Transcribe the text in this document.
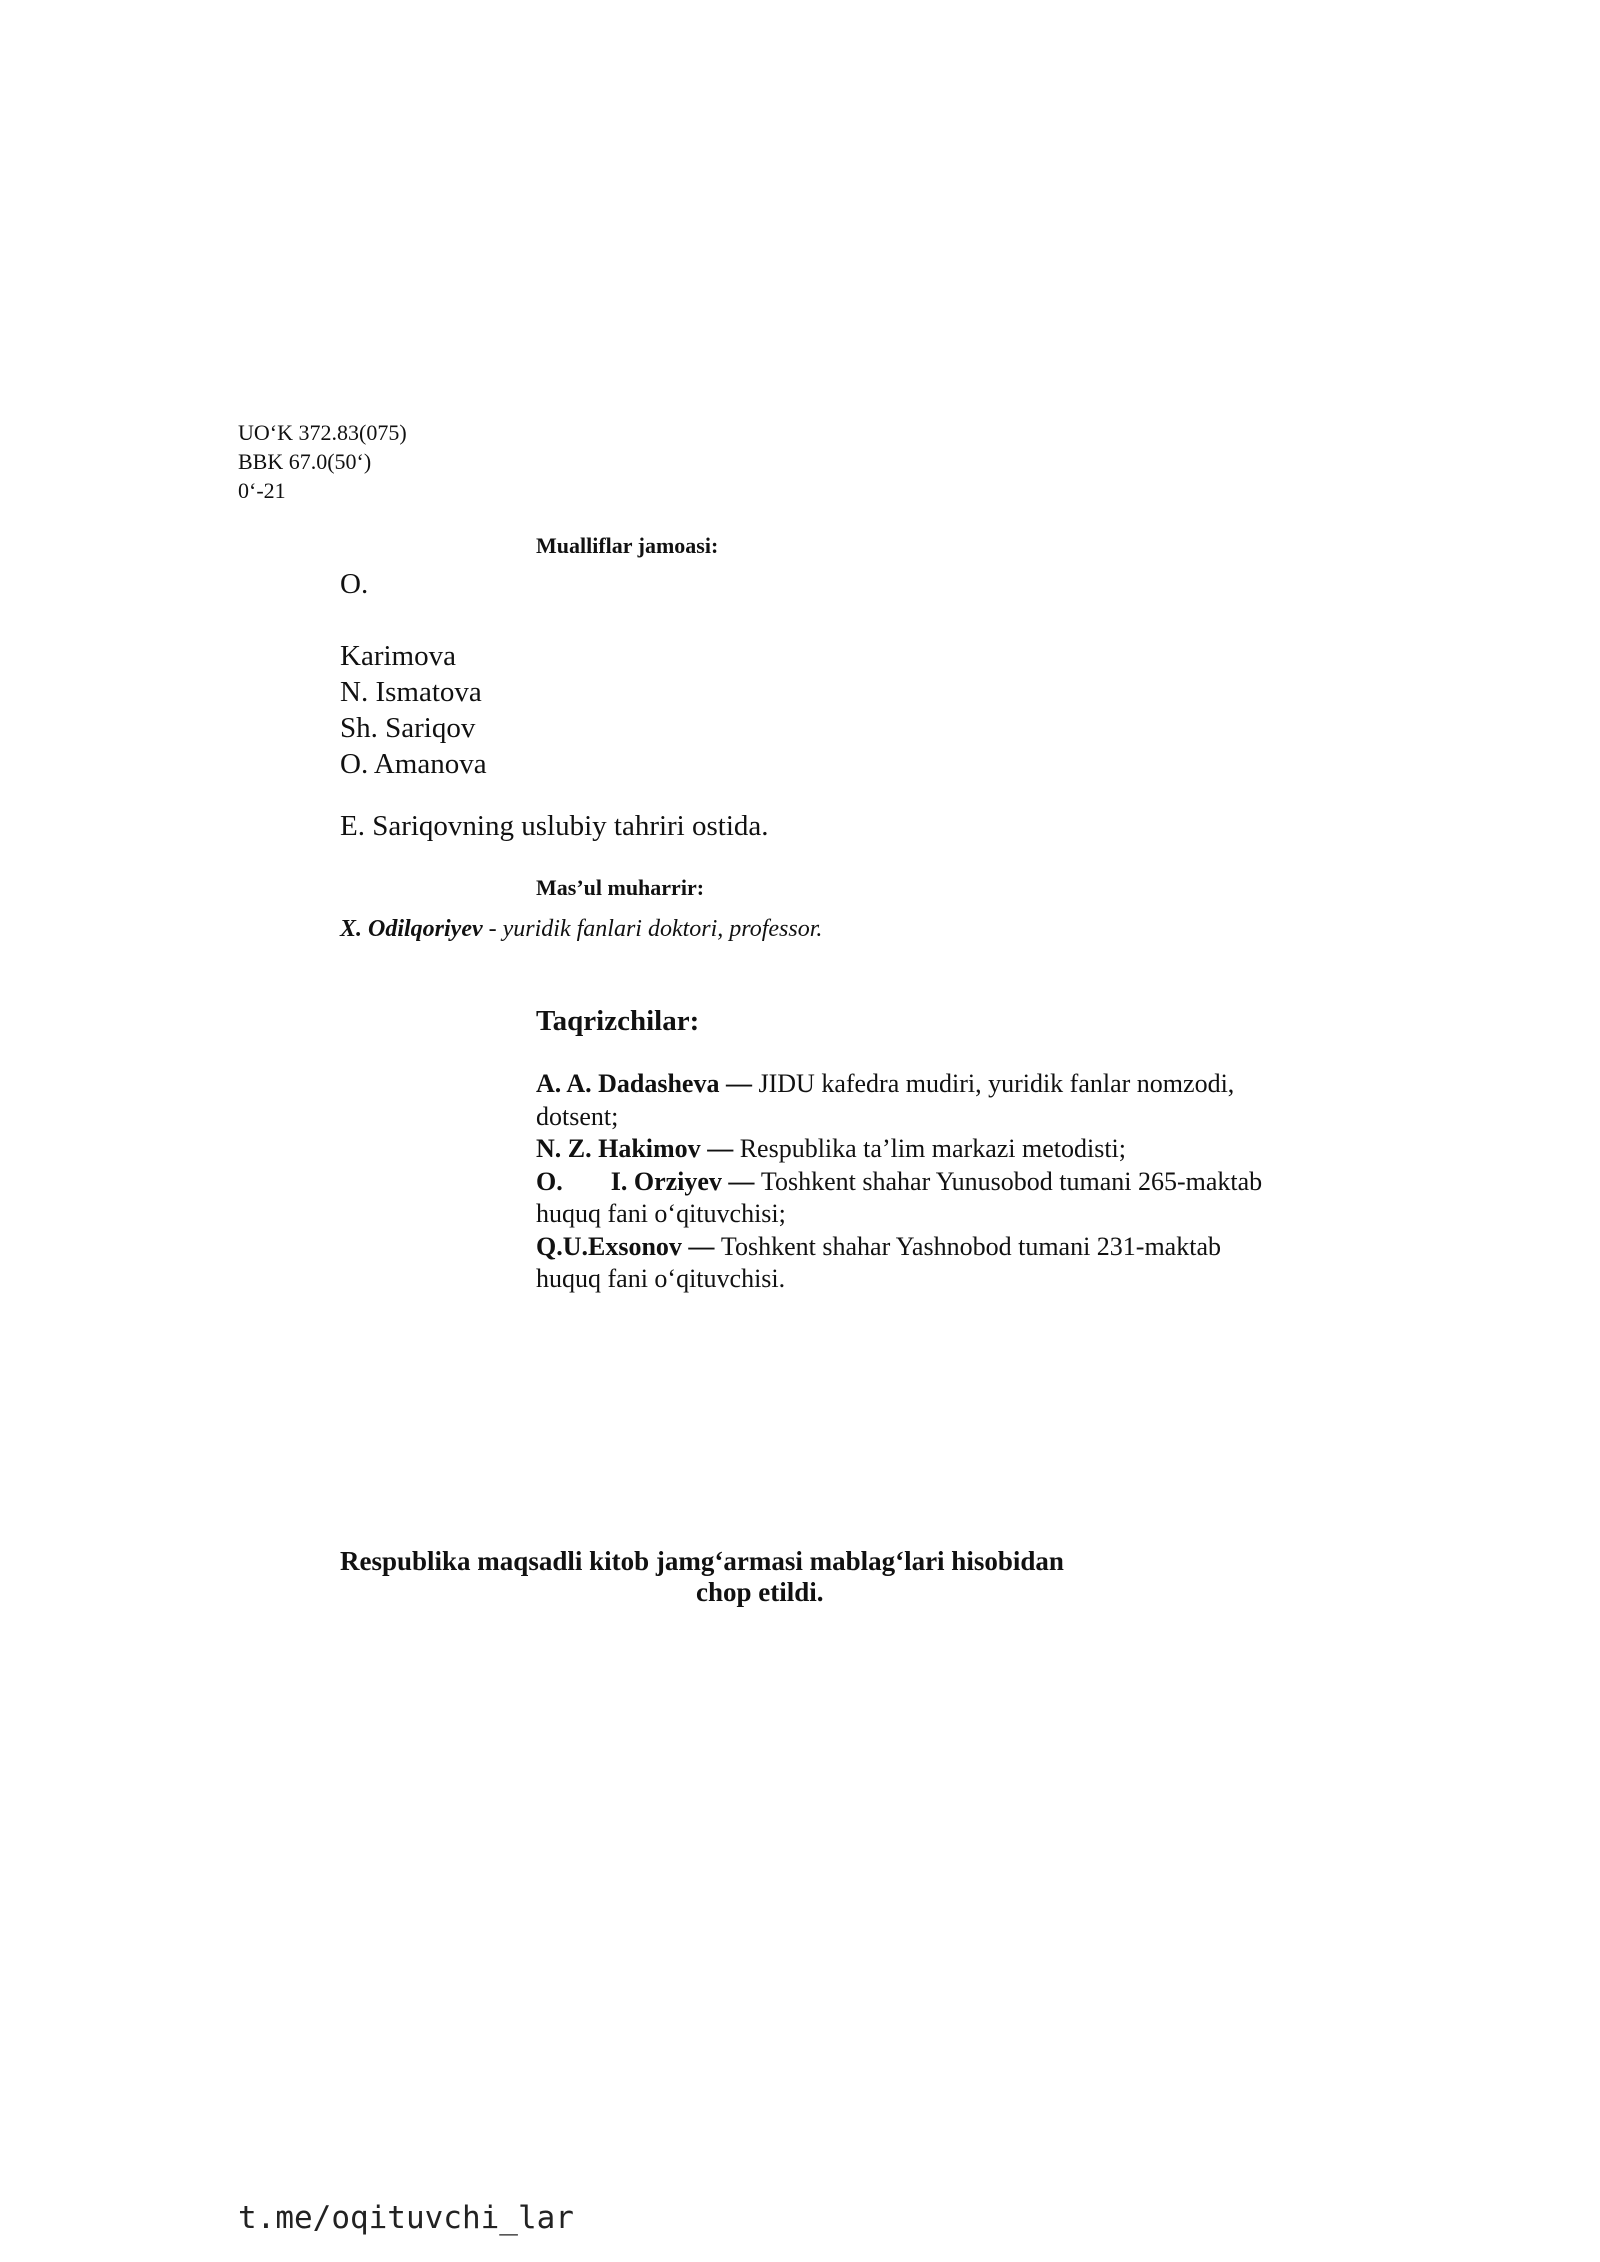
UO‘K 372.83(075)
BBK 67.0(50‘)
0‘-21
Mualliflar jamoasi:
O.
Karimova
N. Ismatova
Sh. Sariqov
O. Amanova
E. Sariqovning uslubiy tahriri ostida.
Mas’ul muharrir:
X. Odilqoriyev - yuridik fanlari doktori, professor.
Taqrizchilar:

A. A. Dadasheva — JIDU kafedra mudiri, yuridik fanlar nomzodi, dotsent;

N. Z. Hakimov — Respublika ta’lim markazi metodisti;

O. I. Orziyev — Toshkent shahar Yunusobod tumani 265-maktab huquq fani o‘qituvchisi;

Q.U.Exsonov — Toshkent shahar Yashnobod tumani 231-maktab huquq fani o‘qituvchisi.

Respublika maqsadli kitob jamg‘armasi mablag‘lari hisobidan
chop etildi.
t.me/oqituvchi_lar
